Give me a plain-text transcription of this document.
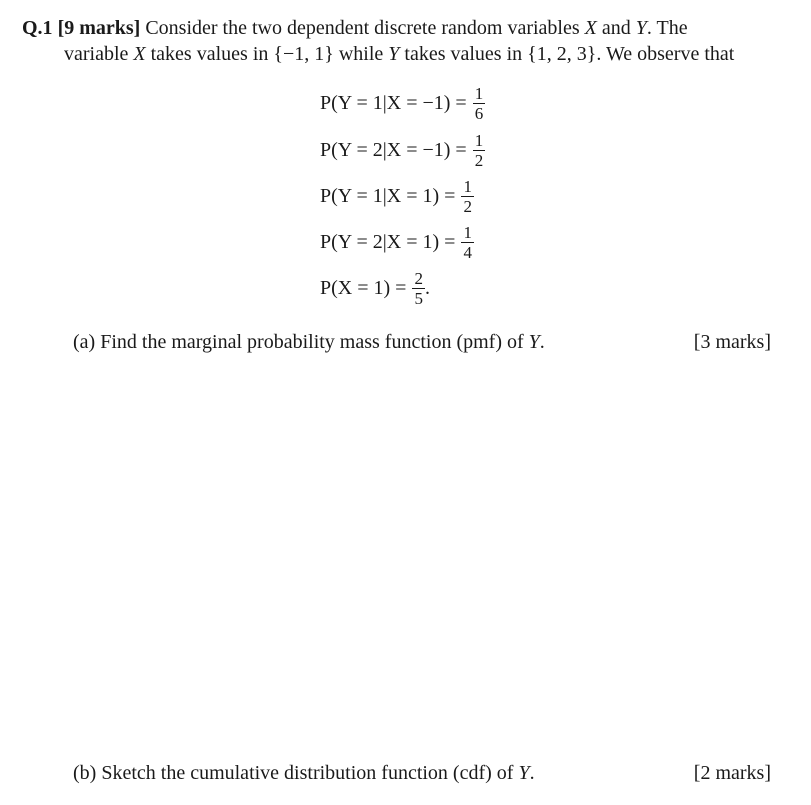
Q.1 [9 marks] Consider the two dependent discrete random variables X and Y. The
variable X takes values in {−1, 1} while Y takes values in {1, 2, 3}. We observe that
$P(Y = 1|X = -1) = \frac{1}{6}$
$P(Y = 2|X = -1) = \frac{1}{2}$
$P(Y = 1|X = 1) = \frac{1}{2}$
$P(Y = 2|X = 1) = \frac{1}{4}$
$P(X = 1) = \frac{2}{5}$ .
(a) Find the marginal probability mass function (pmf) of Y.	[3 marks]
(b) Sketch the cumulative distribution function (cdf) of Y.	[2 marks]
